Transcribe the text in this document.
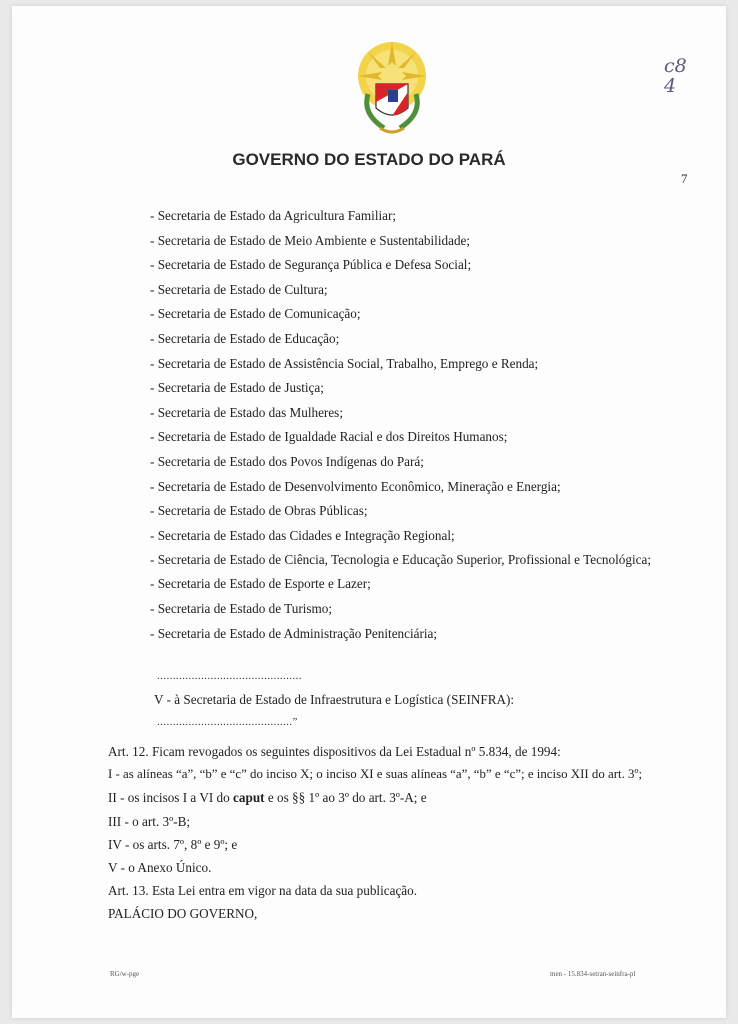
GOVERNO DO ESTADO DO PARÁ
7
c8
4
- Secretaria de Estado da Agricultura Familiar;
- Secretaria de Estado de Meio Ambiente e Sustentabilidade;
- Secretaria de Estado de Segurança Pública e Defesa Social;
- Secretaria de Estado de Cultura;
- Secretaria de Estado de Comunicação;
- Secretaria de Estado de Educação;
- Secretaria de Estado de Assistência Social, Trabalho, Emprego e Renda;
- Secretaria de Estado de Justiça;
- Secretaria de Estado das Mulheres;
- Secretaria de Estado de Igualdade Racial e dos Direitos Humanos;
- Secretaria de Estado dos Povos Indígenas do Pará;
- Secretaria de Estado de Desenvolvimento Econômico, Mineração e Energia;
- Secretaria de Estado de Obras Públicas;
- Secretaria de Estado das Cidades e Integração Regional;
- Secretaria de Estado de Ciência, Tecnologia e Educação Superior, Profissional e Tecnológica;
- Secretaria de Estado de Esporte e Lazer;
- Secretaria de Estado de Turismo;
- Secretaria de Estado de Administração Penitenciária;
..............................................
V - à Secretaria de Estado de Infraestrutura e Logística (SEINFRA):
...........................................”
Art. 12. Ficam revogados os seguintes dispositivos da Lei Estadual nº 5.834, de 1994:
I - as alíneas “a”, “b” e “c” do inciso X; o inciso XI e suas alíneas “a”, “b” e “c”; e inciso XII do art. 3º;
II - os incisos I a VI do caput e os §§ 1º ao 3º do art. 3º-A; e
III - o art. 3º-B;
IV - os arts. 7º, 8º e 9º; e
V - o Anexo Único.
Art. 13. Esta Lei entra em vigor na data da sua publicação.
PALÁCIO DO GOVERNO,
RG/w-pge	men - 15.834-setran-seinfra-pl
